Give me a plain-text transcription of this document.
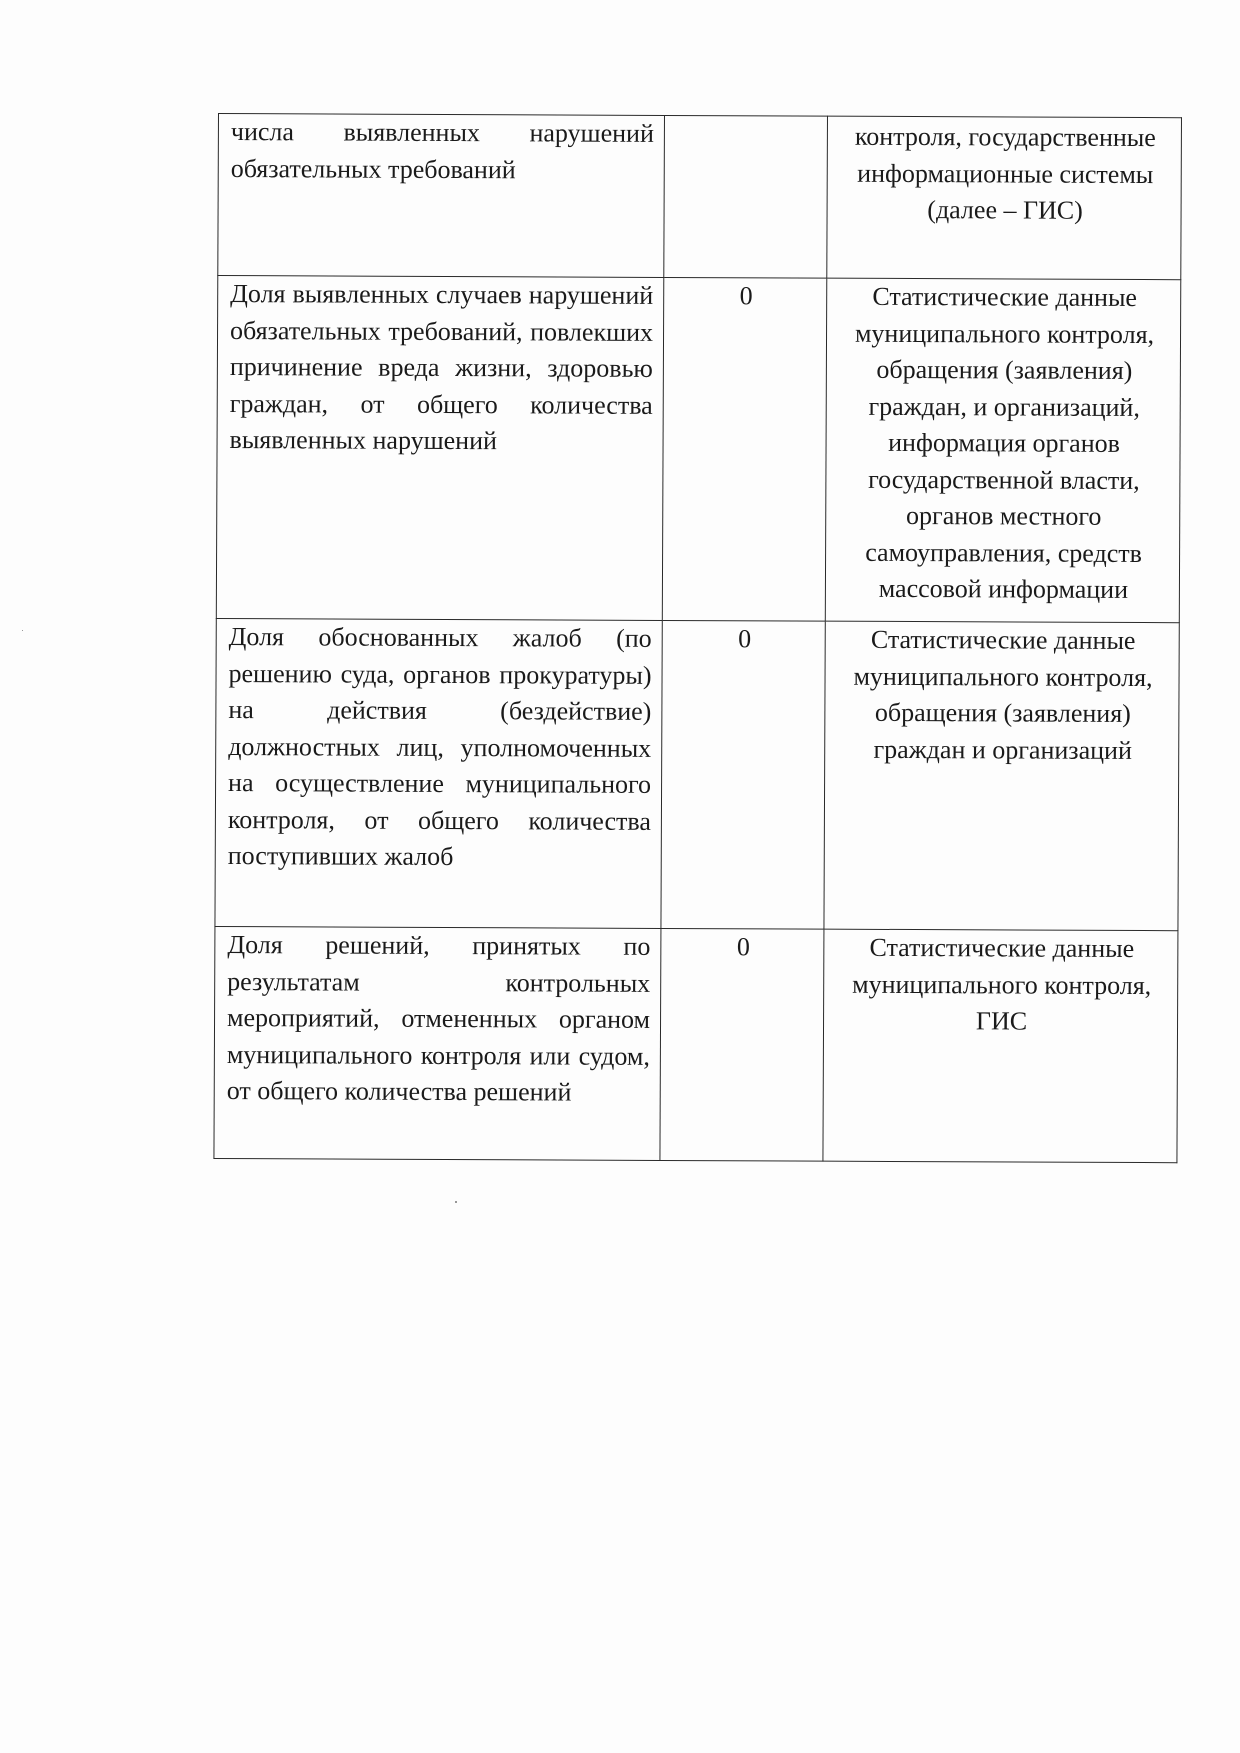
числа выявленных нарушений обязательных требований		контроля, государственные информационные системы (далее – ГИС)
Доля выявленных случаев нарушений обязательных требований, повлекших причинение вреда жизни, здоровью граждан, от общего количества выявленных нарушений	0	Статистические данные муниципального контроля, обращения (заявления) граждан, и организаций, информация органов государственной власти, органов местного самоуправления, средств массовой информации
Доля обоснованных жалоб (по решению суда, органов прокуратуры) на действия (бездействие) должностных лиц, уполномоченных на осуществление муниципального контроля, от общего количества поступивших жалоб	0	Статистические данные муниципального контроля, обращения (заявления) граждан и организаций
Доля решений, принятых по результатам контрольных мероприятий, отмененных органом муниципального контроля или судом, от общего количества решений	0	Статистические данные муниципального контроля, ГИС
